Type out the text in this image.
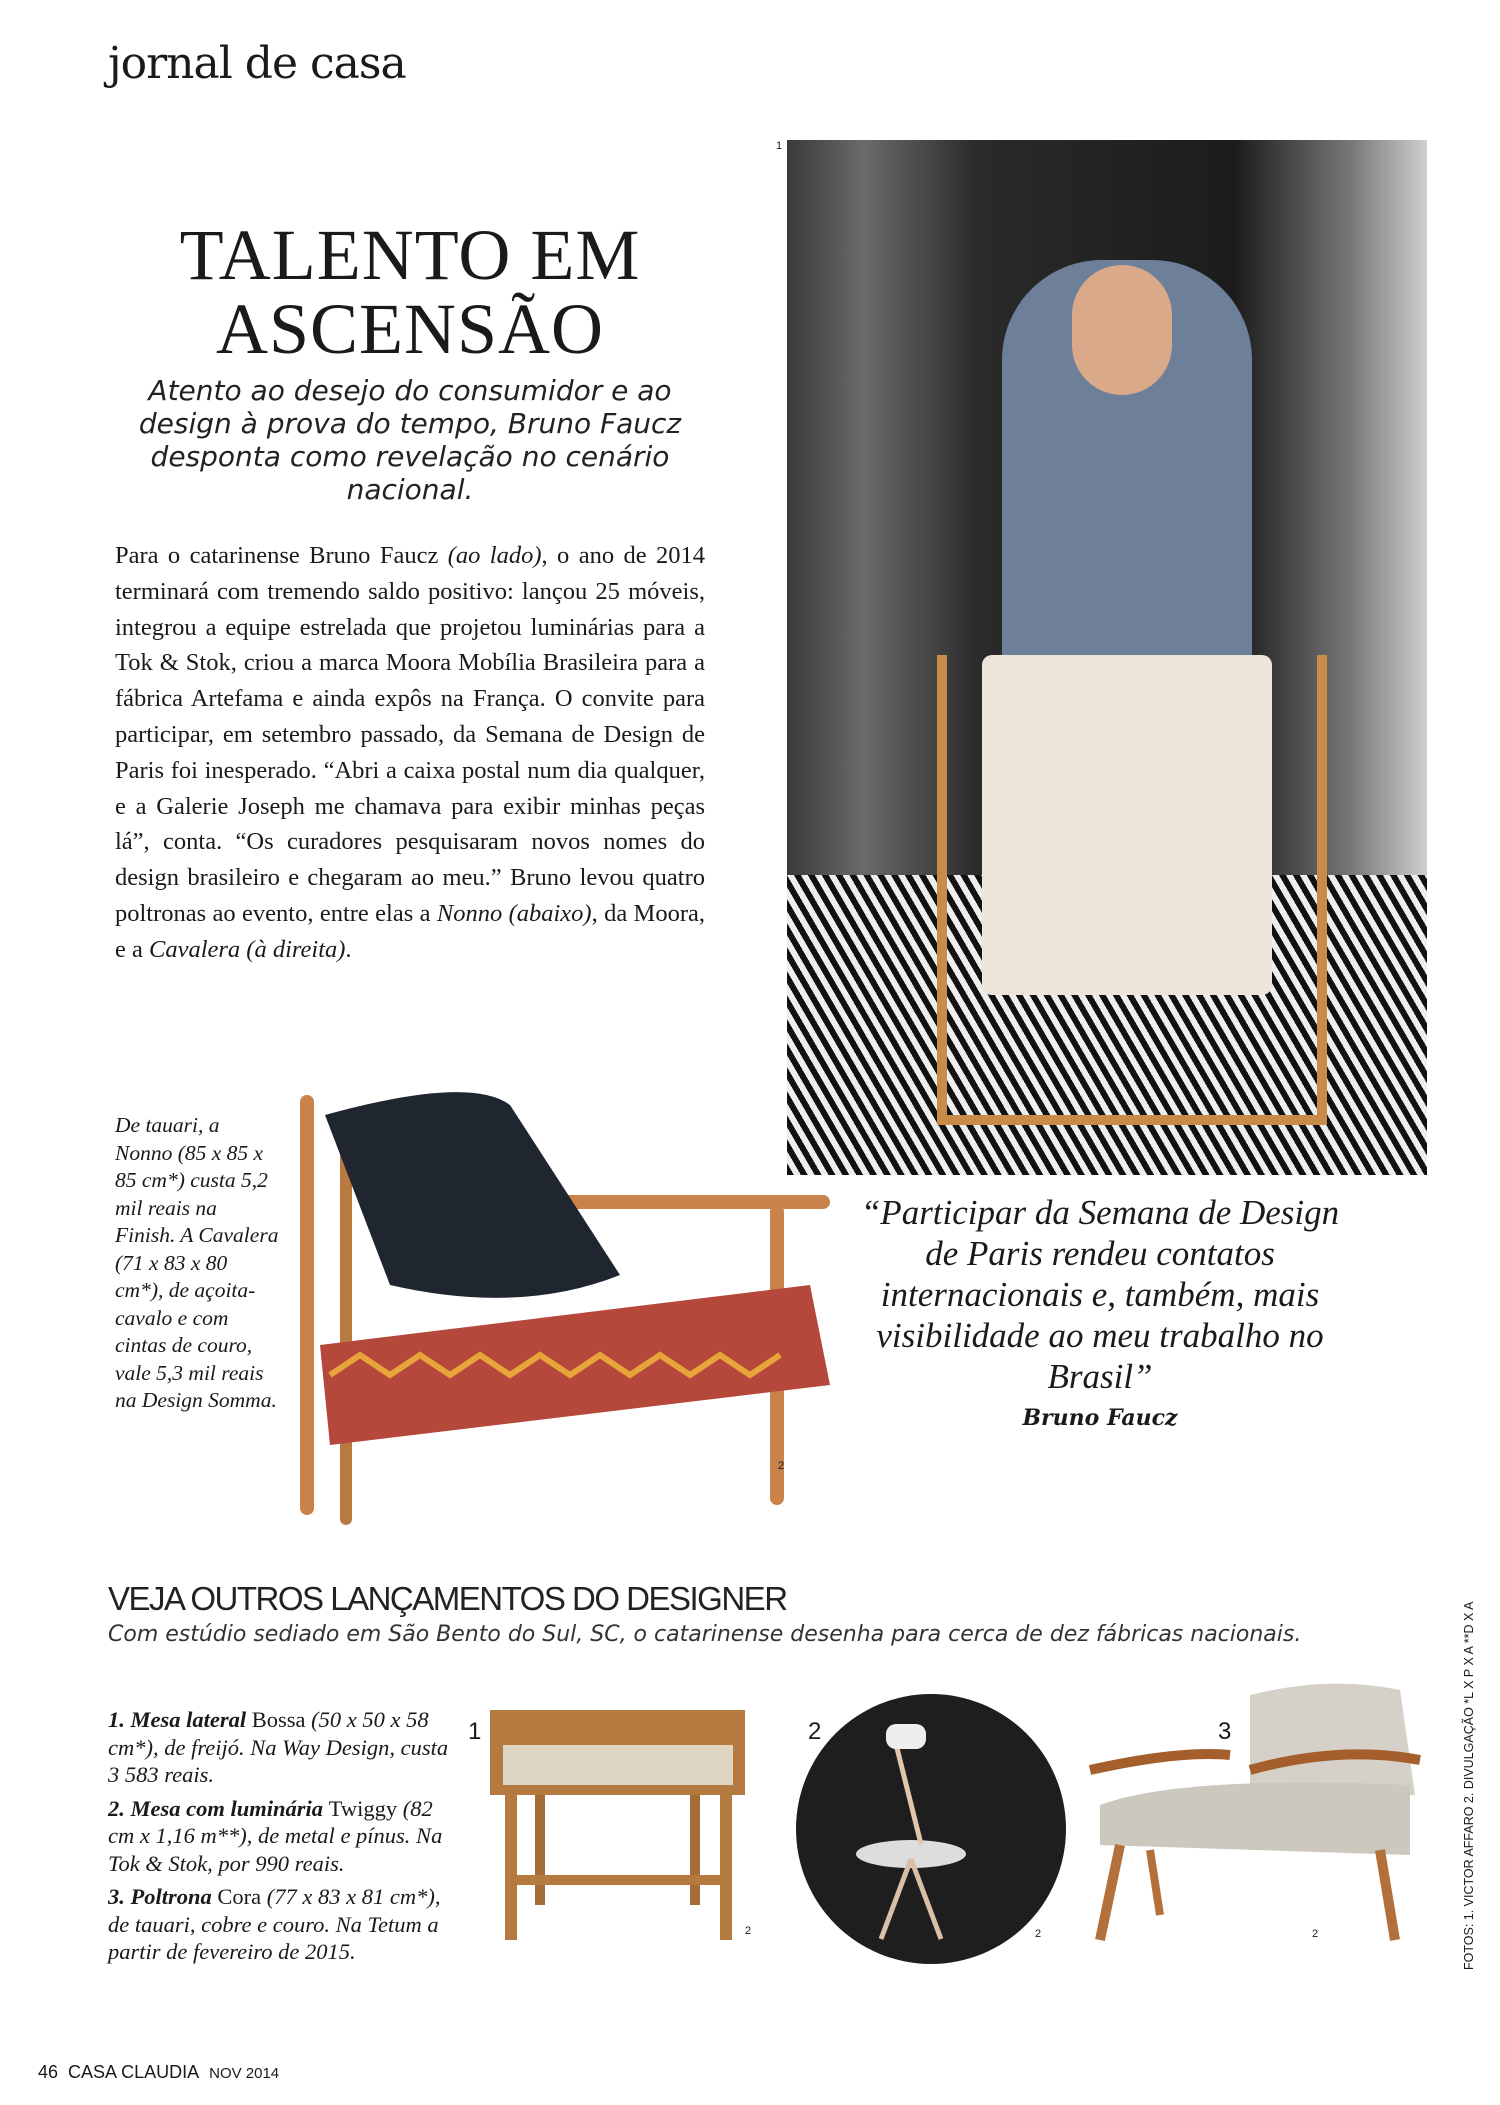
jornal de casa
1
TALENTO EM
ASCENSÃO
Atento ao desejo do consumidor e ao design à prova do tempo, Bruno Faucz desponta como revelação no cenário nacional.
Para o catarinense Bruno Faucz (ao lado), o ano de 2014 terminará com tremendo saldo positivo: lançou 25 móveis, integrou a equipe estrelada que projetou luminárias para a Tok & Stok, criou a marca Moora Mobília Brasileira para a fábrica Artefama e ainda expôs na França. O convite para participar, em setembro passado, da Semana de Design de Paris foi inesperado. “Abri a caixa postal num dia qualquer, e a Galerie Joseph me chamava para exibir minhas peças lá”, conta. “Os curadores pesquisaram novos nomes do design brasileiro e chegaram ao meu.” Bruno levou quatro poltronas ao evento, entre elas a Nonno (abaixo), da Moora, e a Cavalera (à direita).
2
De tauari, a Nonno (85 x 85 x 85 cm*) custa 5,2 mil reais na Finish. A Cavalera (71 x 83 x 80 cm*), de açoita-cavalo e com cintas de couro, vale 5,3 mil reais na Design Somma.
“Participar da Semana de Design de Paris rendeu contatos internacionais e, também, mais visibilidade ao meu trabalho no Brasil”
Bruno Faucz
VEJA OUTROS LANÇAMENTOS DO DESIGNER
Com estúdio sediado em São Bento do Sul, SC, o catarinense desenha para cerca de dez fábricas nacionais.

1. Mesa lateral Bossa (50 x 50 x 58 cm*), de freijó. Na Way Design, custa 3 583 reais.

2. Mesa com luminária Twiggy (82 cm x 1,16 m**), de metal e pínus. Na Tok & Stok, por 990 reais.

3. Poltrona Cora (77 x 83 x 81 cm*), de tauari, cobre e couro. Na Tetum a partir de fevereiro de 2015.

1
2
2
2
3
2
46 CASA CLAUDIA NOV 2014
FOTOS: 1. VICTOR AFFARO 2. DIVULGAÇÃO *L X P X A **D X A
